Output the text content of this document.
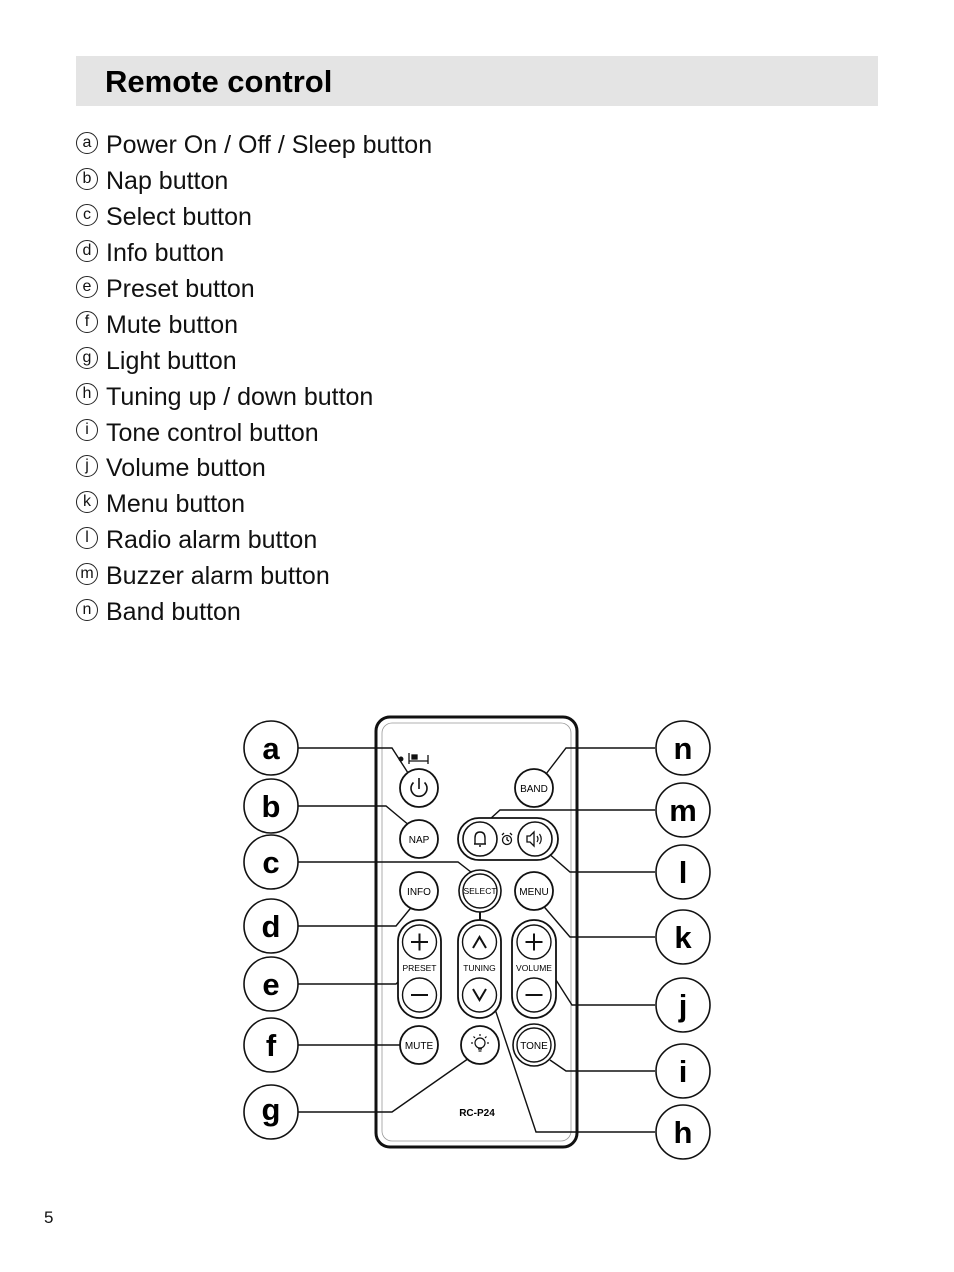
Remote control
a Power On / Off / Sleep button
b Nap button
c Select button
d Info button
e Preset button
f Mute button
g Light button
h Tuning up / down button
i Tone control button
j Volume button
k Menu button
l Radio alarm button
m Buzzer alarm button
n Band button
BAND
NAP
INFO	SELECT MENU
PRESET	TUNING VOLUME
MUTE	TONE
RC-P24
a
b
c
d
e
f
g
n
m
l
k
j
i
h
5
